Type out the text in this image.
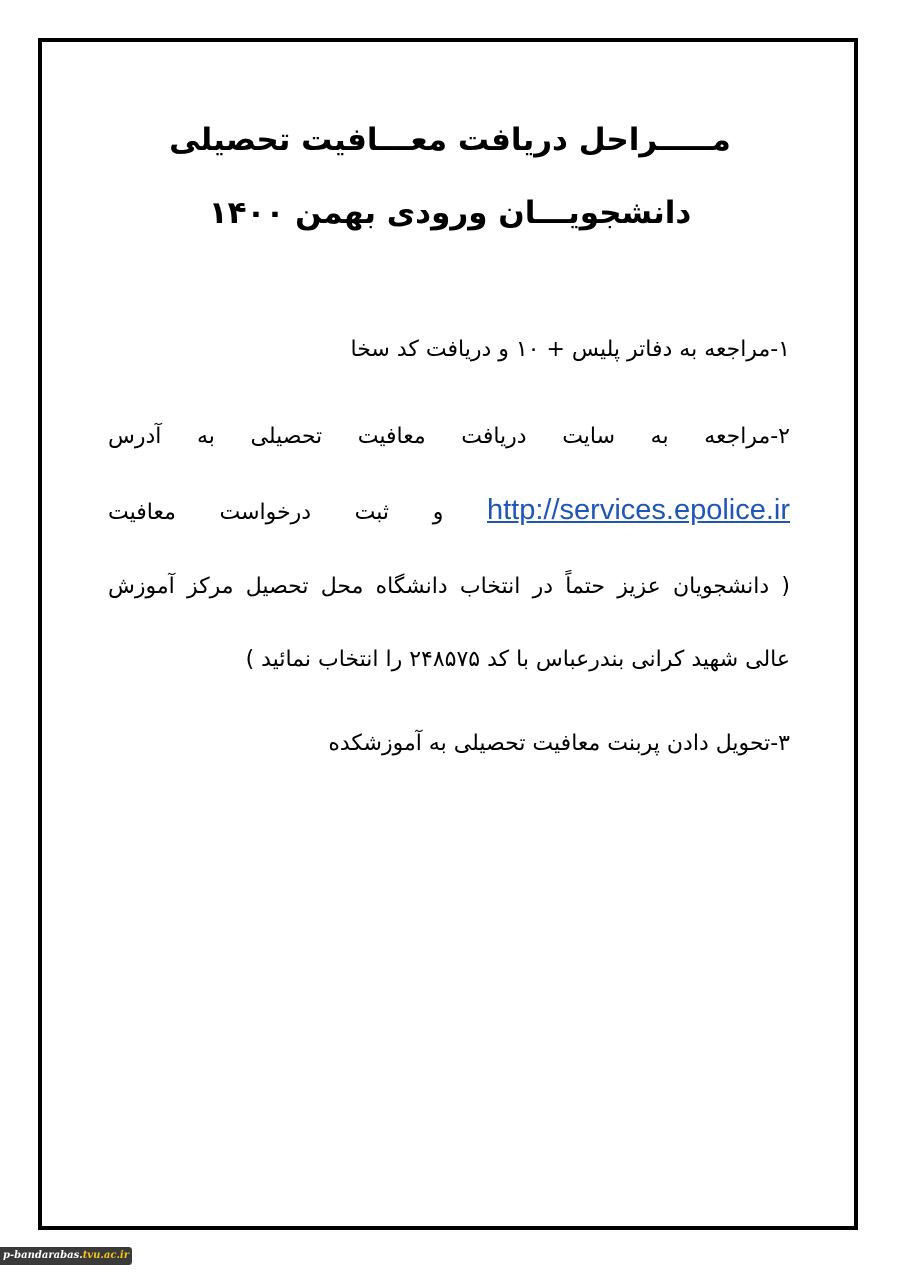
مـــــراحل دریافت معـــافیت تحصیلی
دانشجویـــان ورودی بهمن ۱۴۰۰
۱-مراجعه به دفاتر پلیس + ۱۰ و دریافت کد سخا
۲-مراجعه به سایت دریافت معافیت تحصیلی به آدرس
http://services.epolice.ir و ثبت درخواست معافیت
( دانشجویان عزیز حتماً در انتخاب دانشگاه محل تحصیل مرکز آموزش
عالی شهید کرانی بندرعباس با کد ۲۴۸۵۷۵ را انتخاب نمائید )
۳-تحویل دادن پربنت معافیت تحصیلی به آموزشکده
p-bandarabas.tvu.ac.ir
